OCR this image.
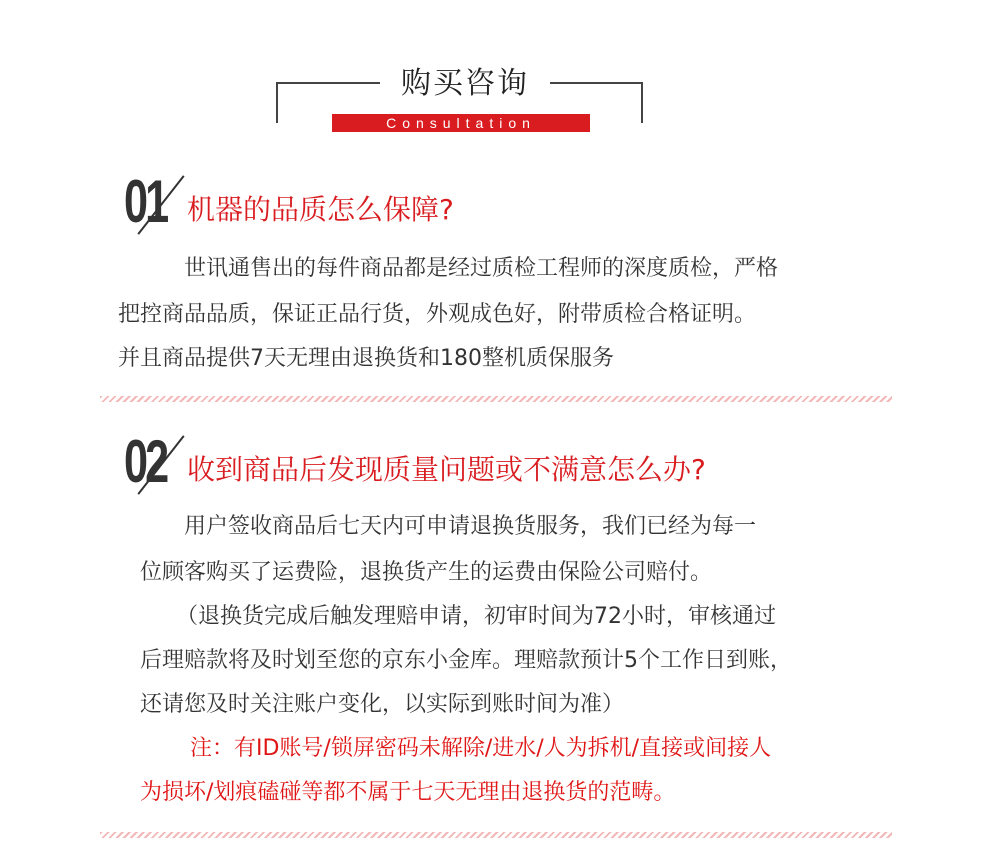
购买咨询
Consultation
01 机器的品质怎么保障?
世讯通售出的每件商品都是经过质检工程师的深度质检，严格
把控商品品质，保证正品行货，外观成色好，附带质检合格证明。
并且商品提供7天无理由退换货和180整机质保服务
02 收到商品后发现质量问题或不满意怎么办?
用户签收商品后七天内可申请退换货服务，我们已经为每一
位顾客购买了运费险，退换货产生的运费由保险公司赔付。
（退换货完成后触发理赔申请，初审时间为72小时，审核通过
后理赔款将及时划至您的京东小金库。理赔款预计5个工作日到账，
还请您及时关注账户变化，以实际到账时间为准）
注：有ID账号/锁屏密码未解除/进水/人为拆机/直接或间接人
为损坏/划痕磕碰等都不属于七天无理由退换货的范畴。
